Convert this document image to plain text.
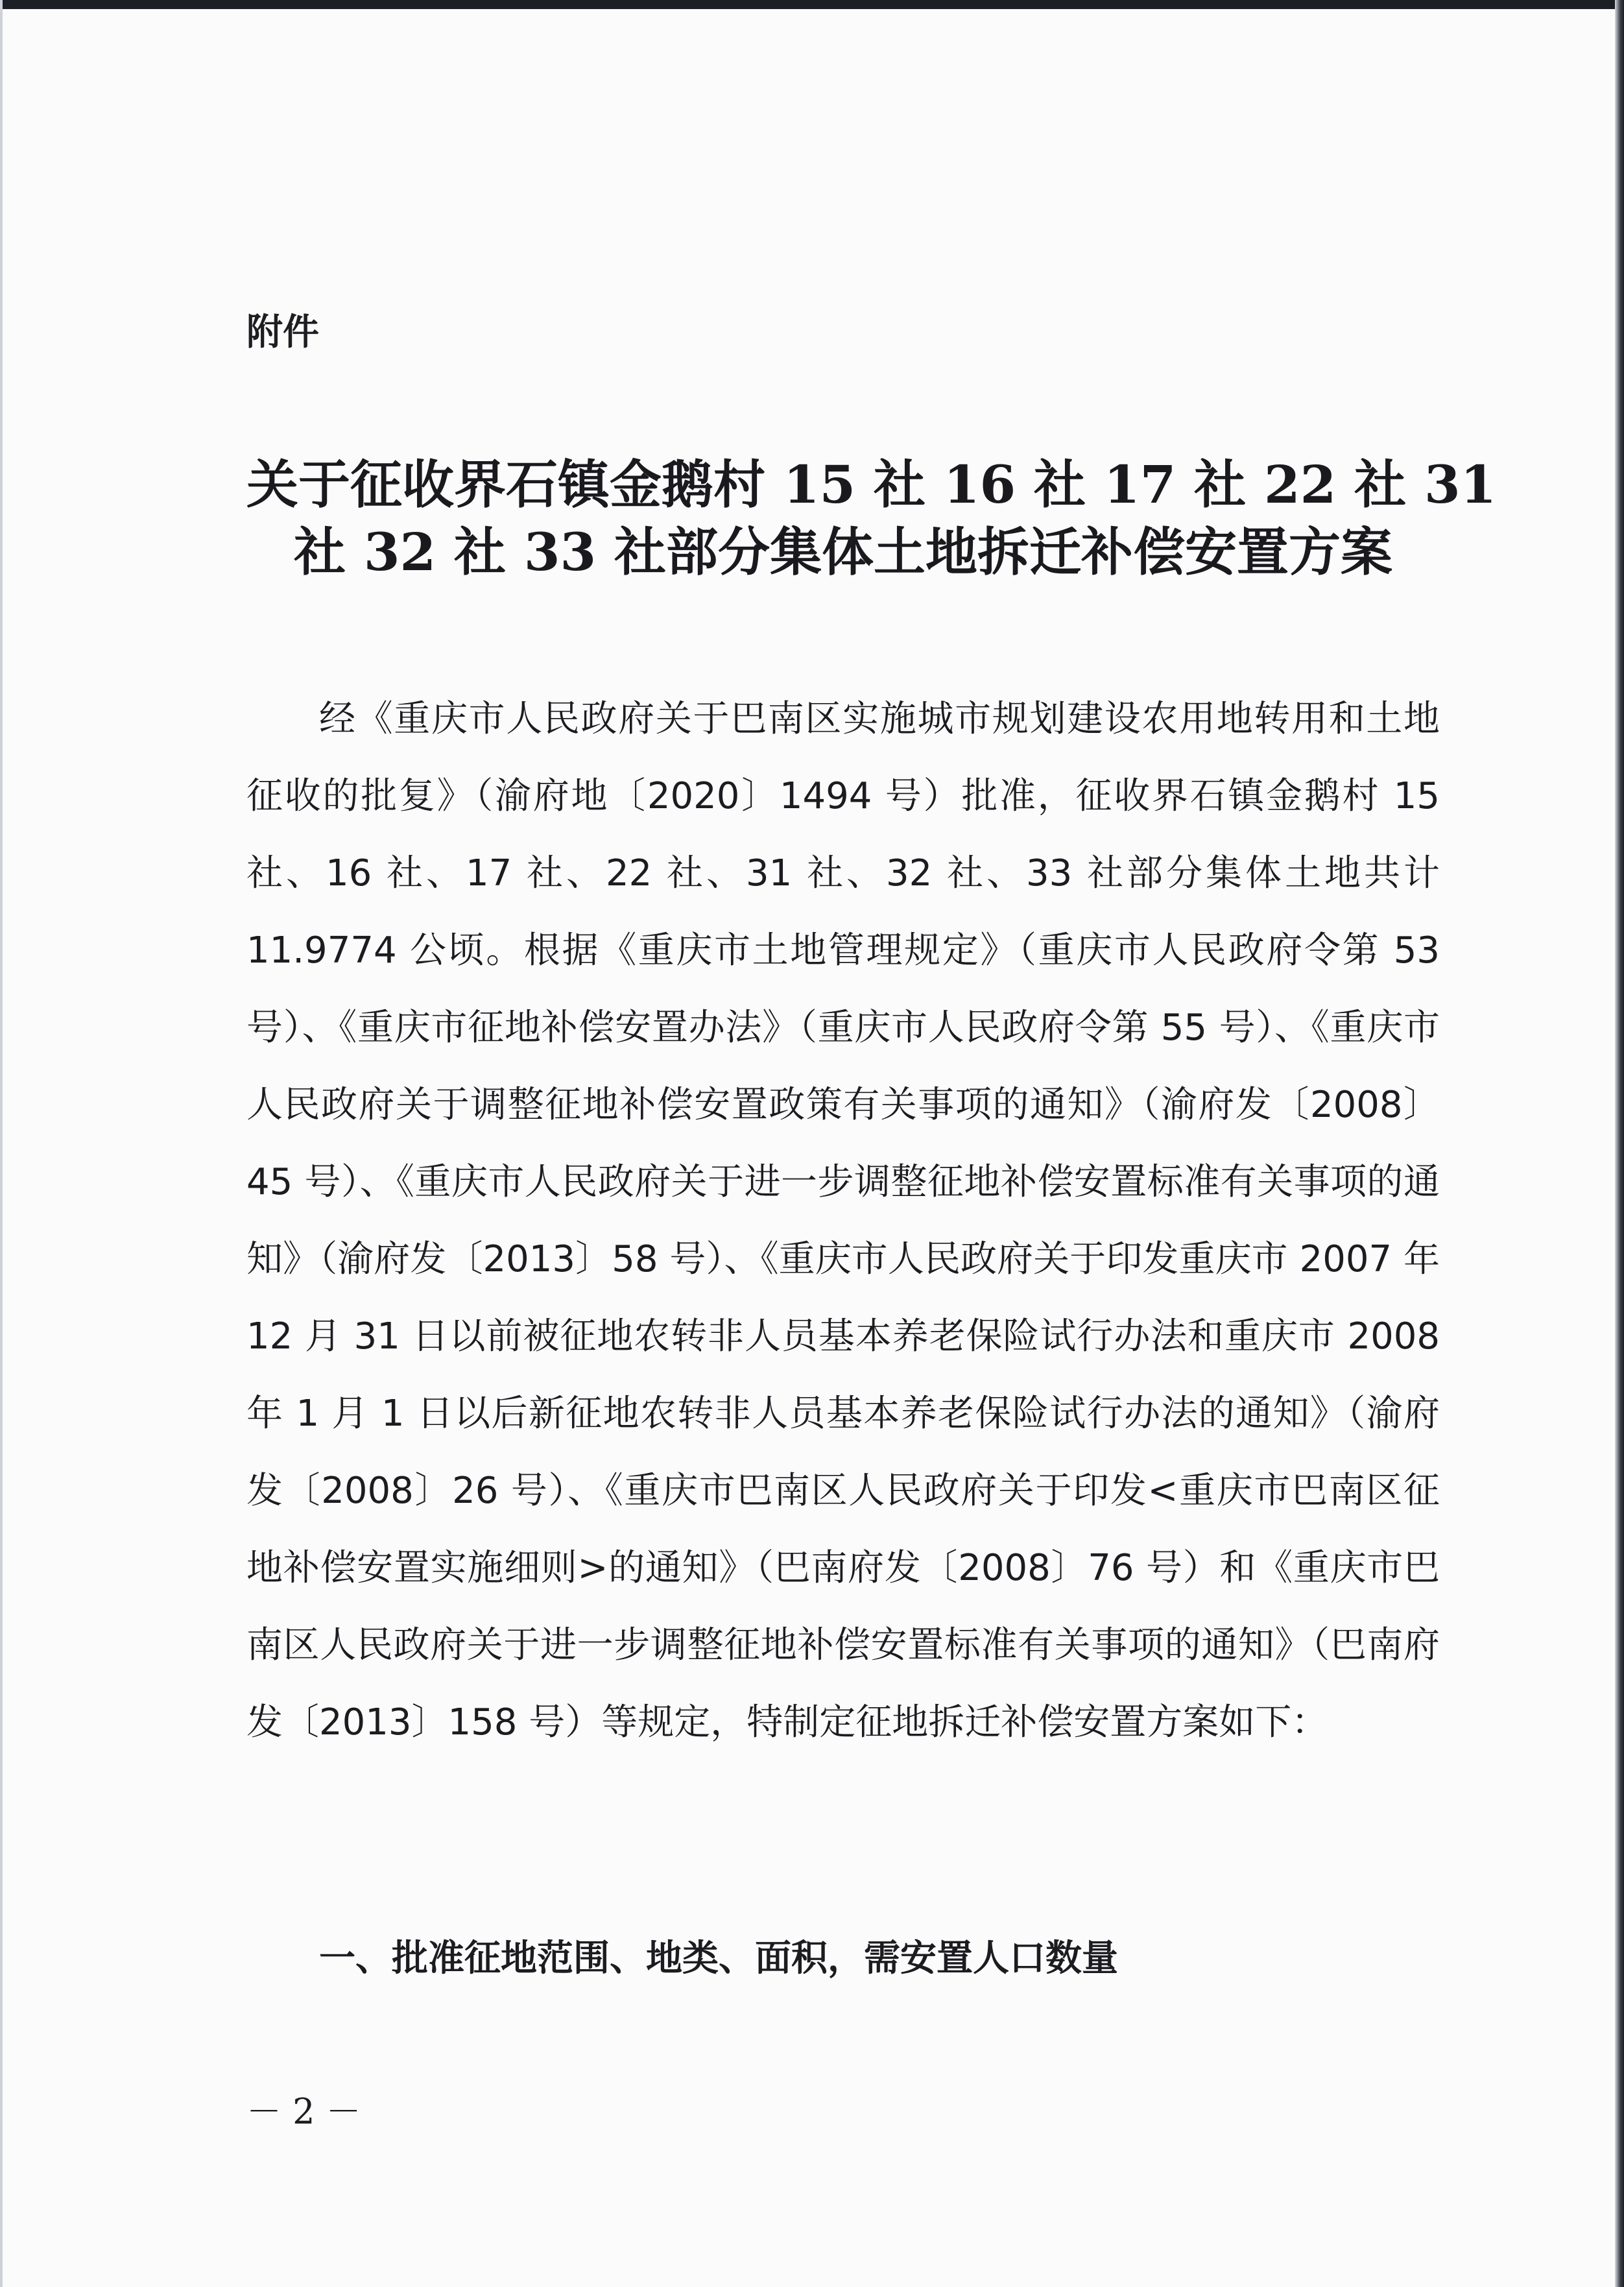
附件

关于征收界石镇金鹅村 15 社 16 社 17 社 22 社 31
社 32 社 33 社部分集体土地拆迁补偿安置方案

经《重庆市人民政府关于巴南区实施城市规划建设农用地转用和土地征收的批复》（渝府地〔2020〕1494 号）批准，征收界石镇金鹅村 15 社、16 社、17 社、22 社、31 社、32 社、33 社部分集体土地共计 11.9774 公顷。根据《重庆市土地管理规定》（重庆市人民政府令第 53 号）、《重庆市征地补偿安置办法》（重庆市人民政府令第 55 号）、《重庆市人民政府关于调整征地补偿安置政策有关事项的通知》（渝府发〔2008〕45 号）、《重庆市人民政府关于进一步调整征地补偿安置标准有关事项的通知》（渝府发〔2013〕58 号）、《重庆市人民政府关于印发重庆市 2007 年 12 月 31 日以前被征地农转非人员基本养老保险试行办法和重庆市 2008 年 1 月 1 日以后新征地农转非人员基本养老保险试行办法的通知》（渝府发〔2008〕26 号）、《重庆市巴南区人民政府关于印发<重庆市巴南区征地补偿安置实施细则>的通知》（巴南府发〔2008〕76 号）和《重庆市巴南区人民政府关于进一步调整征地补偿安置标准有关事项的通知》（巴南府发〔2013〕158 号）等规定，特制定征地拆迁补偿安置方案如下：

一、批准征地范围、地类、面积，需安置人口数量

－ 2 －
